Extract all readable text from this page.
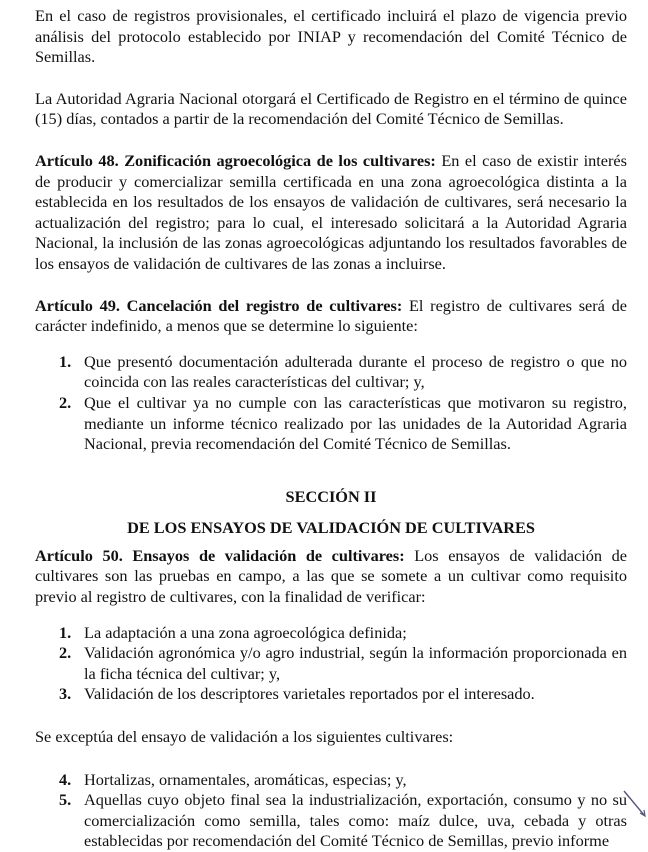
En el caso de registros provisionales, el certificado incluirá el plazo de vigencia previo análisis del protocolo establecido por INIAP y recomendación del Comité Técnico de Semillas.

La Autoridad Agraria Nacional otorgará el Certificado de Registro en el término de quince (15) días, contados a partir de la recomendación del Comité Técnico de Semillas.

Artículo 48. Zonificación agroecológica de los cultivares: En el caso de existir interés de producir y comercializar semilla certificada en una zona agroecológica distinta a la establecida en los resultados de los ensayos de validación de cultivares, será necesario la actualización del registro; para lo cual, el interesado solicitará a la Autoridad Agraria Nacional, la inclusión de las zonas agroecológicas adjuntando los resultados favorables de los ensayos de validación de cultivares de las zonas a incluirse.

Artículo 49. Cancelación del registro de cultivares: El registro de cultivares será de carácter indefinido, a menos que se determine lo siguiente:

1. Que presentó documentación adulterada durante el proceso de registro o que no coincida con las reales características del cultivar; y,
2. Que el cultivar ya no cumple con las características que motivaron su registro, mediante un informe técnico realizado por las unidades de la Autoridad Agraria Nacional, previa recomendación del Comité Técnico de Semillas.

SECCIÓN II

DE LOS ENSAYOS DE VALIDACIÓN DE CULTIVARES

Artículo 50. Ensayos de validación de cultivares: Los ensayos de validación de cultivares son las pruebas en campo, a las que se somete a un cultivar como requisito previo al registro de cultivares, con la finalidad de verificar:

1. La adaptación a una zona agroecológica definida;
2. Validación agronómica y/o agro industrial, según la información proporcionada en la ficha técnica del cultivar; y,
3. Validación de los descriptores varietales reportados por el interesado.

Se exceptúa del ensayo de validación a los siguientes cultivares:

4. Hortalizas, ornamentales, aromáticas, especias; y,
5. Aquellas cuyo objeto final sea la industrialización, exportación, consumo y no su comercialización como semilla, tales como: maíz dulce, uva, cebada y otras establecidas por recomendación del Comité Técnico de Semillas, previo informe
